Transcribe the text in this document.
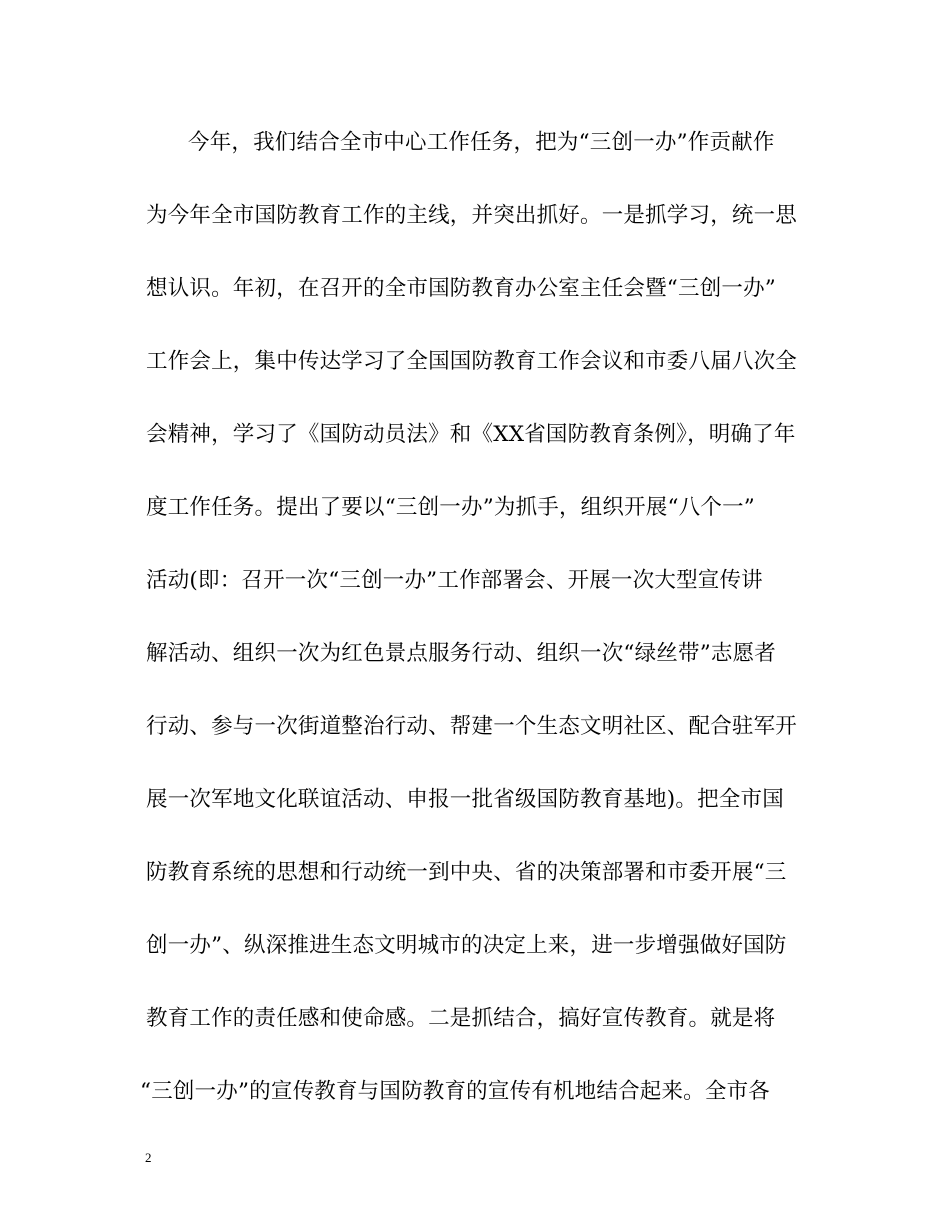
今年，我们结合全市中心工作任务，把为“三创一办”作贡献作
为今年全市国防教育工作的主线，并突出抓好。一是抓学习，统一思
想认识。年初，在召开的全市国防教育办公室主任会暨“三创一办”
工作会上，集中传达学习了全国国防教育工作会议和市委八届八次全
会精神，学习了《国防动员法》和《XX省国防教育条例》，明确了年
度工作任务。提出了要以“三创一办”为抓手，组织开展“八个一”
活动(即：召开一次“三创一办”工作部署会、开展一次大型宣传讲
解活动、组织一次为红色景点服务行动、组织一次“绿丝带”志愿者
行动、参与一次街道整治行动、帮建一个生态文明社区、配合驻军开
展一次军地文化联谊活动、申报一批省级国防教育基地)。把全市国
防教育系统的思想和行动统一到中央、省的决策部署和市委开展“三
创一办”、纵深推进生态文明城市的决定上来，进一步增强做好国防
教育工作的责任感和使命感。二是抓结合，搞好宣传教育。就是将
“三创一办”的宣传教育与国防教育的宣传有机地结合起来。全市各
2
